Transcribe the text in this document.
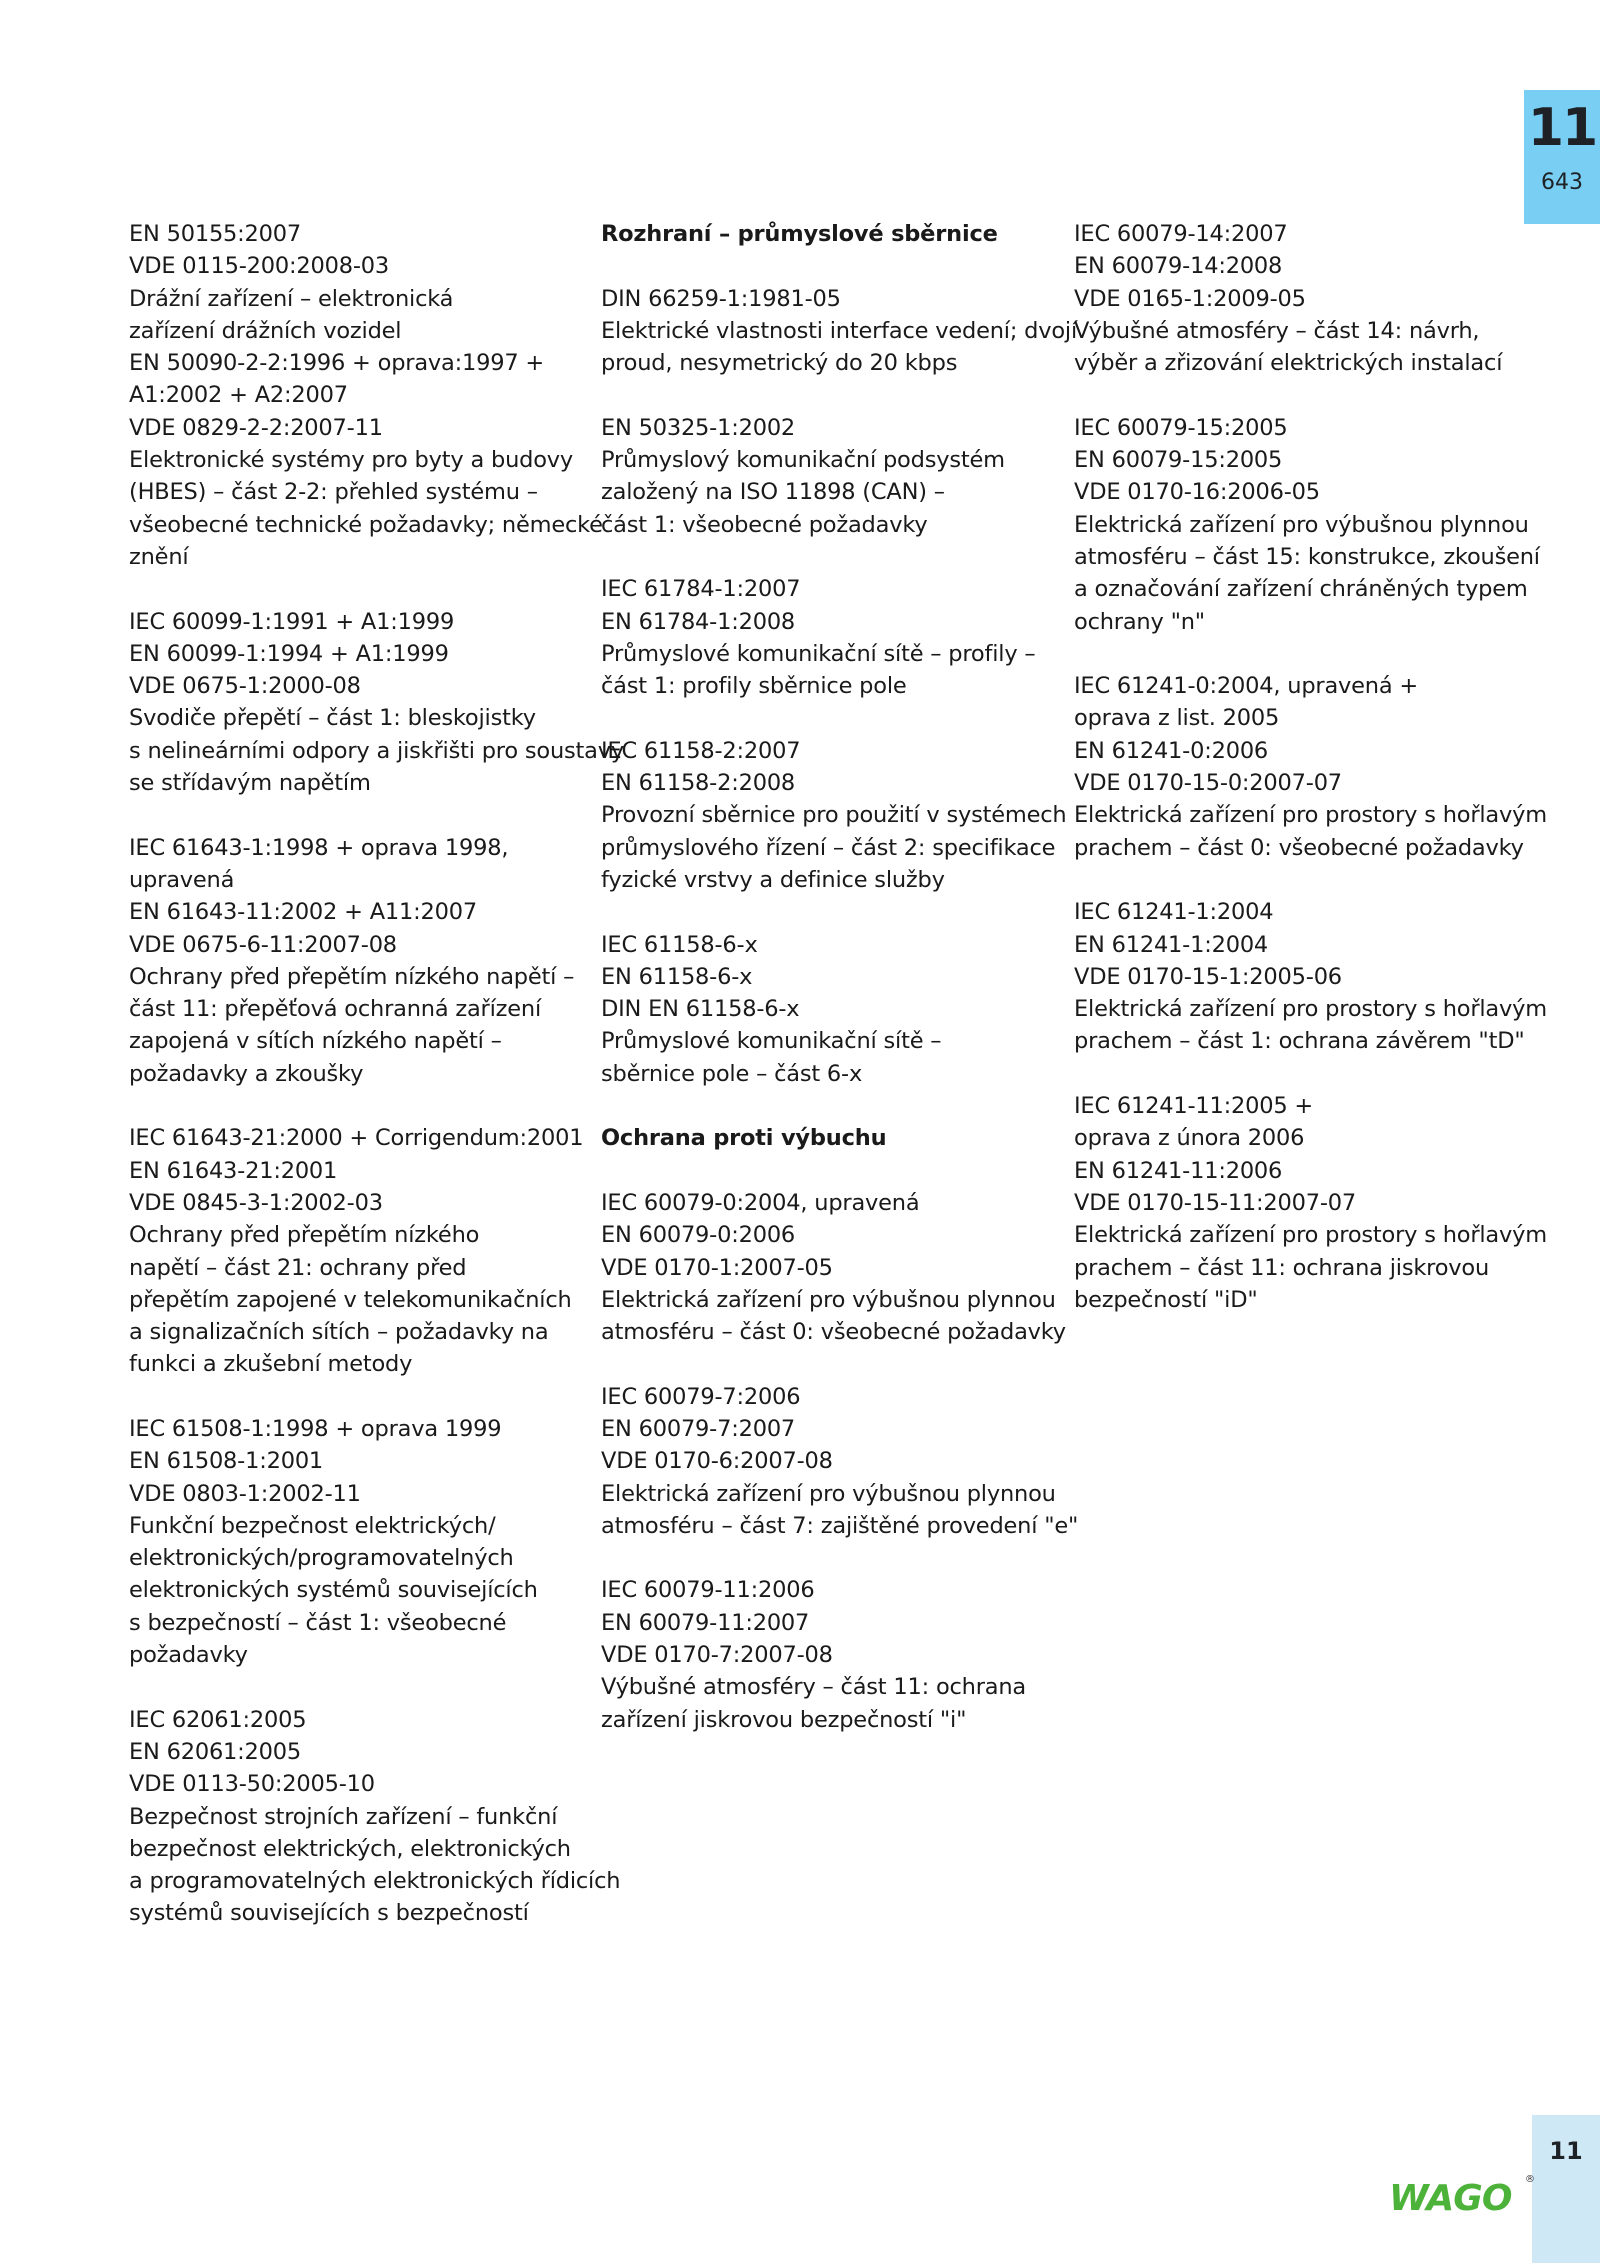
11
643
EN 50155:2007
VDE 0115-200:2008-03
Drážní zařízení – elektronická
zařízení drážních vozidel
EN 50090-2-2:1996 + oprava:1997 +
A1:2002 + A2:2007
VDE 0829-2-2:2007-11
Elektronické systémy pro byty a budovy
(HBES) – část 2-2: přehled systému –
všeobecné technické požadavky; německé
znění
IEC 60099-1:1991 + A1:1999
EN 60099-1:1994 + A1:1999
VDE 0675-1:2000-08
Svodiče přepětí – část 1: bleskojistky
s nelineárními odpory a jiskřišti pro soustavy
se střídavým napětím
IEC 61643-1:1998 + oprava 1998,
upravená
EN 61643-11:2002 + A11:2007
VDE 0675-6-11:2007-08
Ochrany před přepětím nízkého napětí –
část 11: přepěťová ochranná zařízení
zapojená v sítích nízkého napětí –
požadavky a zkoušky
IEC 61643-21:2000 + Corrigendum:2001
EN 61643-21:2001
VDE 0845-3-1:2002-03
Ochrany před přepětím nízkého
napětí – část 21: ochrany před
přepětím zapojené v telekomunikačních
a signalizačních sítích – požadavky na
funkci a zkušební metody
IEC 61508-1:1998 + oprava 1999
EN 61508-1:2001
VDE 0803-1:2002-11
Funkční bezpečnost elektrických/
elektronických/programovatelných
elektronických systémů souvisejících
s bezpečností – část 1: všeobecné
požadavky
IEC 62061:2005
EN 62061:2005
VDE 0113-50:2005-10
Bezpečnost strojních zařízení – funkční
bezpečnost elektrických, elektronických
a programovatelných elektronických řídicích
systémů souvisejících s bezpečností
Rozhraní – průmyslové sběrnice
DIN 66259-1:1981-05
Elektrické vlastnosti interface vedení; dvojí
proud, nesymetrický do 20 kbps
EN 50325-1:2002
Průmyslový komunikační podsystém
založený na ISO 11898 (CAN) –
část 1: všeobecné požadavky
IEC 61784-1:2007
EN 61784-1:2008
Průmyslové komunikační sítě – profily –
část 1: profily sběrnice pole
IEC 61158-2:2007
EN 61158-2:2008
Provozní sběrnice pro použití v systémech
průmyslového řízení – část 2: specifikace
fyzické vrstvy a definice služby
IEC 61158-6-x
EN 61158-6-x
DIN EN 61158-6-x
Průmyslové komunikační sítě –
sběrnice pole – část 6-x
Ochrana proti výbuchu
IEC 60079-0:2004, upravená
EN 60079-0:2006
VDE 0170-1:2007-05
Elektrická zařízení pro výbušnou plynnou
atmosféru – část 0: všeobecné požadavky
IEC 60079-7:2006
EN 60079-7:2007
VDE 0170-6:2007-08
Elektrická zařízení pro výbušnou plynnou
atmosféru – část 7: zajištěné provedení "e"
IEC 60079-11:2006
EN 60079-11:2007
VDE 0170-7:2007-08
Výbušné atmosféry – část 11: ochrana
zařízení jiskrovou bezpečností "i"
IEC 60079-14:2007
EN 60079-14:2008
VDE 0165-1:2009-05
Výbušné atmosféry – část 14: návrh,
výběr a zřizování elektrických instalací
IEC 60079-15:2005
EN 60079-15:2005
VDE 0170-16:2006-05
Elektrická zařízení pro výbušnou plynnou
atmosféru – část 15: konstrukce, zkoušení
a označování zařízení chráněných typem
ochrany "n"
IEC 61241-0:2004, upravená +
oprava z list. 2005
EN 61241-0:2006
VDE 0170-15-0:2007-07
Elektrická zařízení pro prostory s hořlavým
prachem – část 0: všeobecné požadavky
IEC 61241-1:2004
EN 61241-1:2004
VDE 0170-15-1:2005-06
Elektrická zařízení pro prostory s hořlavým
prachem – část 1: ochrana závěrem "tD"
IEC 61241-11:2005 +
oprava z února 2006
EN 61241-11:2006
VDE 0170-15-11:2007-07
Elektrická zařízení pro prostory s hořlavým
prachem – část 11: ochrana jiskrovou
bezpečností "iD"
11
WAGO ®
